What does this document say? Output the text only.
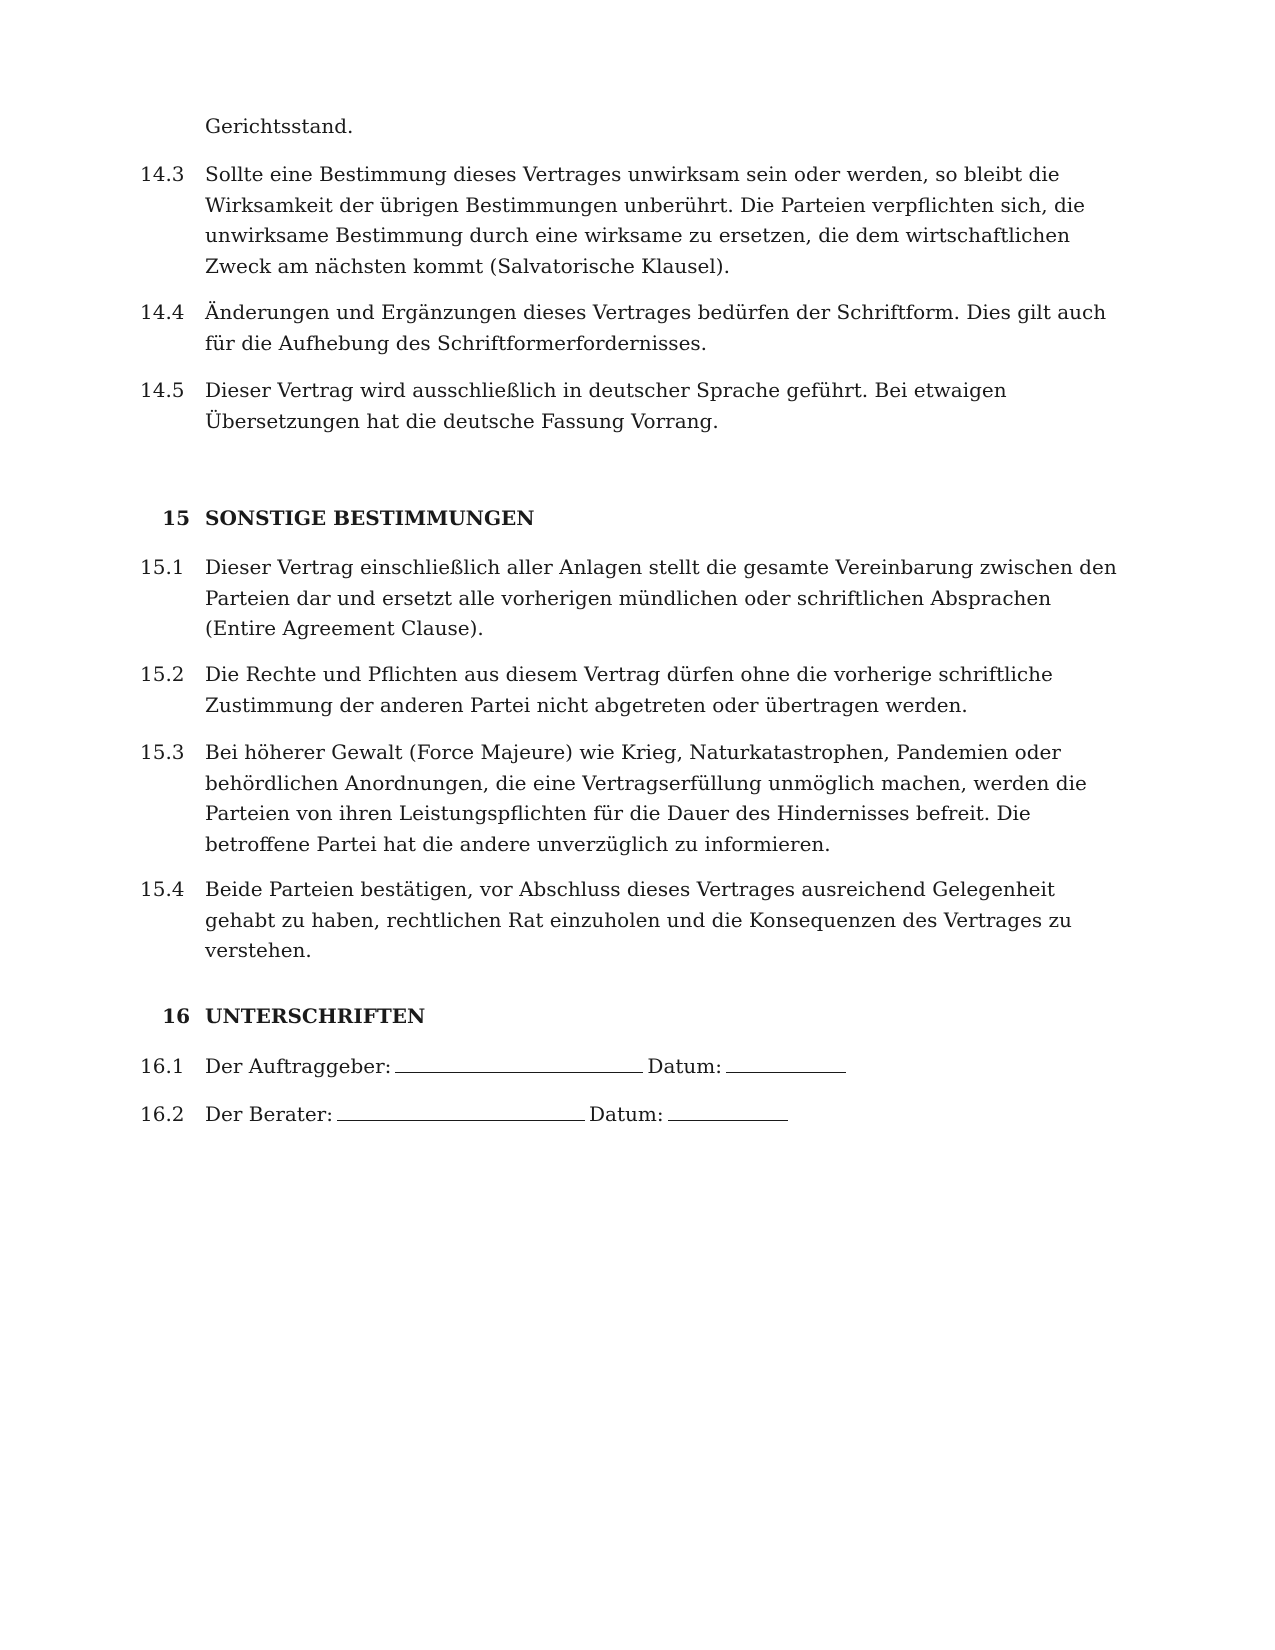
Gerichtsstand.
14.3	Sollte eine Bestimmung dieses Vertrages unwirksam sein oder werden, so bleibt die Wirksamkeit der übrigen Bestimmungen unberührt. Die Parteien verpflichten sich, die unwirksame Bestimmung durch eine wirksame zu ersetzen, die dem wirtschaftlichen Zweck am nächsten kommt (Salvatorische Klausel).
14.4	Änderungen und Ergänzungen dieses Vertrages bedürfen der Schriftform. Dies gilt auch für die Aufhebung des Schriftformerfordernisses.
14.5	Dieser Vertrag wird ausschließlich in deutscher Sprache geführt. Bei etwaigen Übersetzungen hat die deutsche Fassung Vorrang.
15 SONSTIGE BESTIMMUNGEN
15.1	Dieser Vertrag einschließlich aller Anlagen stellt die gesamte Vereinbarung zwischen den Parteien dar und ersetzt alle vorherigen mündlichen oder schriftlichen Absprachen (Entire Agreement Clause).
15.2	Die Rechte und Pflichten aus diesem Vertrag dürfen ohne die vorherige schriftliche Zustimmung der anderen Partei nicht abgetreten oder übertragen werden.
15.3	Bei höherer Gewalt (Force Majeure) wie Krieg, Naturkatastrophen, Pandemien oder behördlichen Anordnungen, die eine Vertragserfüllung unmöglich machen, werden die Parteien von ihren Leistungspflichten für die Dauer des Hindernisses befreit. Die betroffene Partei hat die andere unverzüglich zu informieren.
15.4	Beide Parteien bestätigen, vor Abschluss dieses Vertrages ausreichend Gelegenheit gehabt zu haben, rechtlichen Rat einzuholen und die Konsequenzen des Vertrages zu verstehen.
16 UNTERSCHRIFTEN
16.1	Der Auftraggeber:	Datum:
16.2	Der Berater:	Datum:
